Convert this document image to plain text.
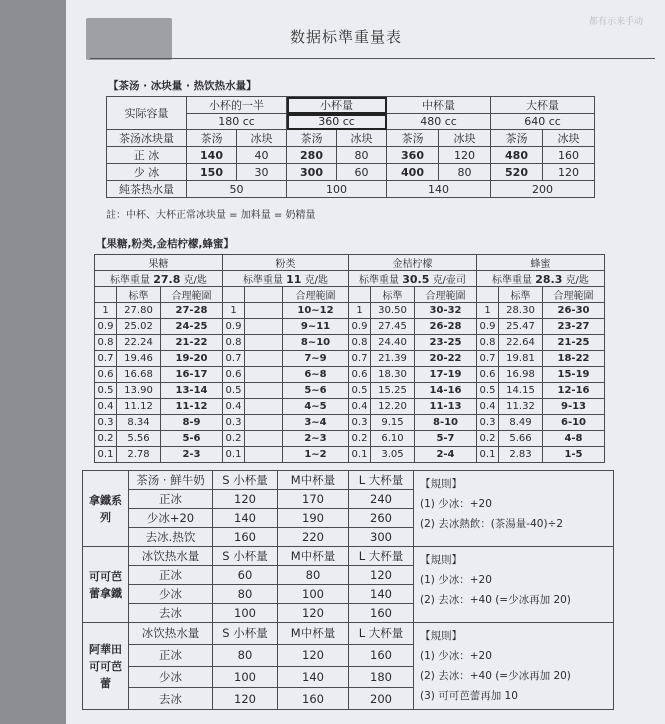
都有示来手动
数据标準重量表
【茶汤 · 冰块量 · 热饮热水量】
实际容量	小杯的一半		小杯量		中杯量		大杯量	
	180 cc		360 cc		480 cc		640 cc	
茶汤冰块量	茶汤	冰块	茶汤	冰块	茶汤	冰块	茶汤	冰块
正 冰	140	40	280	80	360	120	480	160
少 冰	150	30	300	60	400	80	520	120
純茶热水量	50		100		140		200	
註：中杯、大杯正常冰块量 = 加料量 = 奶精量
【果糖,粉类,金桔柠檬,蜂蜜】
果糖			粉类			金桔柠檬			蜂蜜		
标準重量 27.8 克/匙			标準重量 11 克/匙			标準重量 30.5 克/壶司			标準重量 28.3 克/匙		
	标準	合理範圍			合理範圍		标準	合理範圍		标準	合理範圍
1	27.80	27-28	1		10~12	1	30.50	30-32	1	28.30	26-30
0.9	25.02	24-25	0.9		9~11	0.9	27.45	26-28	0.9	25.47	23-27
0.8	22.24	21-22	0.8		8~10	0.8	24.40	23-25	0.8	22.64	21-25
0.7	19.46	19-20	0.7		7~9	0.7	21.39	20-22	0.7	19.81	18-22
0.6	16.68	16-17	0.6		6~8	0.6	18.30	17-19	0.6	16.98	15-19
0.5	13.90	13-14	0.5		5~6	0.5	15.25	14-16	0.5	14.15	12-16
0.4	11.12	11-12	0.4		4~5	0.4	12.20	11-13	0.4	11.32	9-13
0.3	8.34	8-9	0.3		3~4	0.3	9.15	8-10	0.3	8.49	6-10
0.2	5.56	5-6	0.2		2~3	0.2	6.10	5-7	0.2	5.66	4-8
0.1	2.78	2-3	0.1		1~2	0.1	3.05	2-4	0.1	2.83	1-5
拿鐵系列	茶汤 · 鮮牛奶	S 小杯量	M中杯量	L 大杯量	【規則】
(1) 少冰：+20
(2) 去冰熱飲：(茶湯量-40)÷2

	正冰	120	170	240	
	少冰+20	140	190	260	
	去冰.热饮	160	220	300	
可可芭蕾拿鐵	冰饮热水量	S 小杯量	M中杯量	L 大杯量	【規則】
(1) 少冰：+20
(2) 去冰：+40 (=少冰再加 20)

	正冰	60	80	120	
	少冰	80	100	140	
	去冰	100	120	160	
阿華田可可芭蕾	冰饮热水量	S 小杯量	M中杯量	L 大杯量	【規則】
(1) 少冰：+20
(2) 去冰：+40 (=少冰再加 20)
(3) 可可芭蕾再加 10

	正冰	80	120	160	
	少冰	100	140	180	
	去冰	120	160	200	
